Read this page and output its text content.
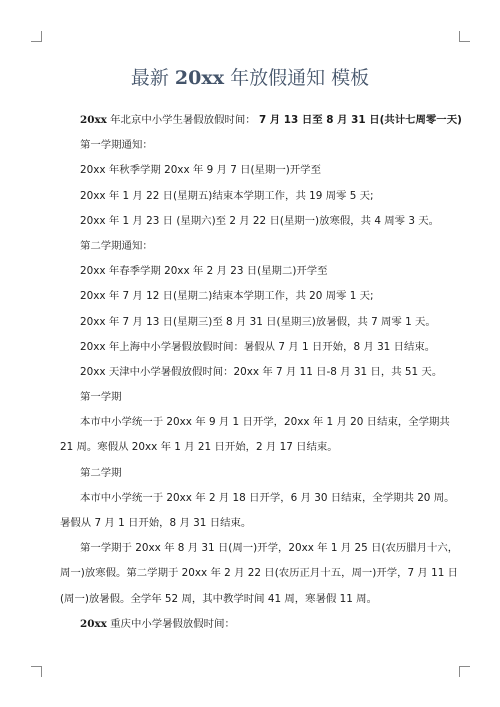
最新 20xx 年放假通知 模板
20xx 年北京中小学生暑假放假时间： 7 月 13 日至 8 月 31 日(共计七周零一天)
第一学期通知：
20xx 年秋季学期 20xx 年 9 月 7 日(星期一)开学至
20xx 年 1 月 22 日(星期五)结束本学期工作，共 19 周零 5 天;
20xx 年 1 月 23 日 (星期六)至 2 月 22 日(星期一)放寒假，共 4 周零 3 天。
第二学期通知：
20xx 年春季学期 20xx 年 2 月 23 日(星期二)开学至
20xx 年 7 月 12 日(星期二)结束本学期工作，共 20 周零 1 天;
20xx 年 7 月 13 日(星期三)至 8 月 31 日(星期三)放暑假，共 7 周零 1 天。
20xx 年上海中小学暑假放假时间：暑假从 7 月 1 日开始，8 月 31 日结束。
20xx 天津中小学暑假放假时间：20xx 年 7 月 11 日-8 月 31 日，共 51 天。
第一学期
本市中小学统一于 20xx 年 9 月 1 日开学，20xx 年 1 月 20 日结束，全学期共
21 周。寒假从 20xx 年 1 月 21 日开始，2 月 17 日结束。
第二学期
本市中小学统一于 20xx 年 2 月 18 日开学，6 月 30 日结束，全学期共 20 周。
暑假从 7 月 1 日开始，8 月 31 日结束。
第一学期于 20xx 年 8 月 31 日(周一)开学，20xx 年 1 月 25 日(农历腊月十六，
周一)放寒假。第二学期于 20xx 年 2 月 22 日(农历正月十五，周一)开学，7 月 11 日
(周一)放暑假。全学年 52 周，其中教学时间 41 周，寒暑假 11 周。
20xx 重庆中小学暑假放假时间：
